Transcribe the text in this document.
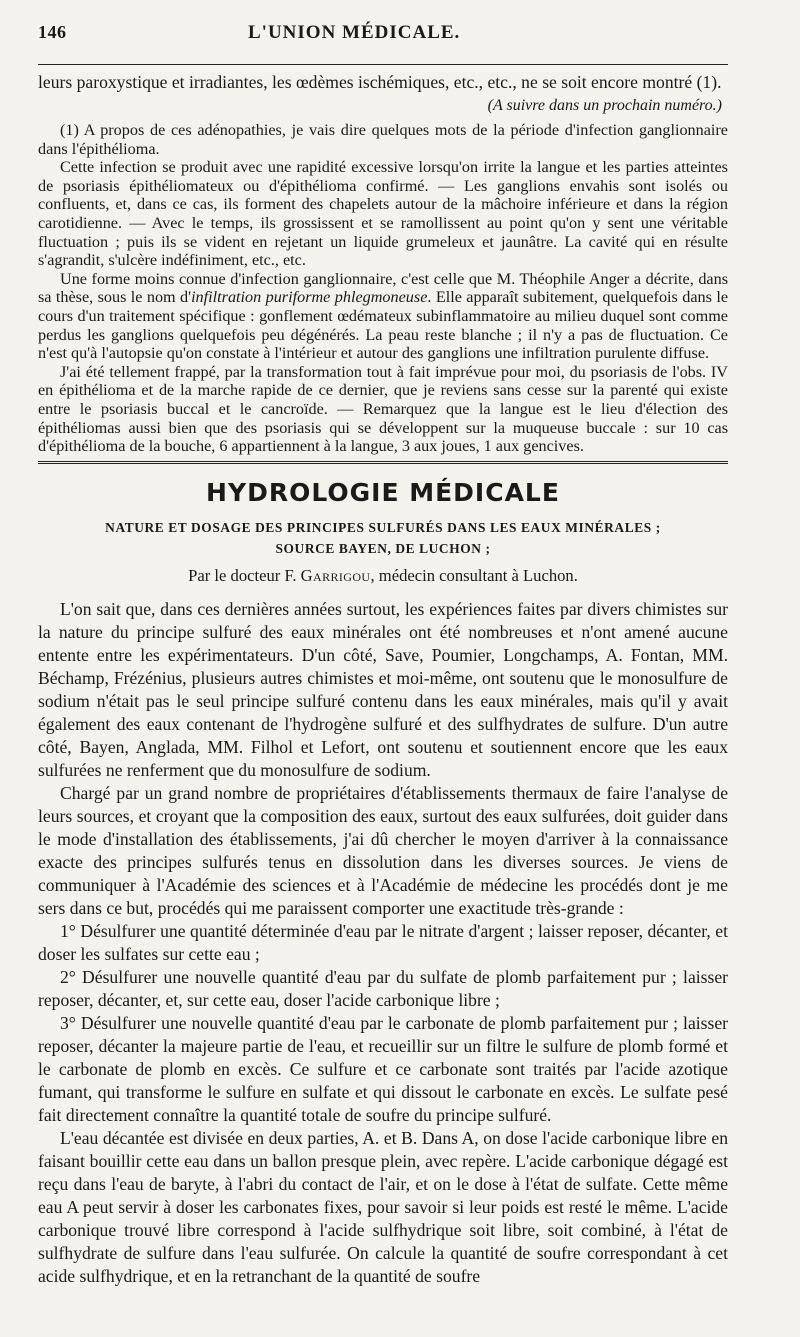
146	L'UNION MÉDICALE.

leurs paroxystique et irradiantes, les œdèmes ischémiques, etc., etc., ne se soit encore montré (1).

(A suivre dans un prochain numéro.)

(1) A propos de ces adénopathies, je vais dire quelques mots de la période d'infection ganglionnaire dans l'épithélioma.

Cette infection se produit avec une rapidité excessive lorsqu'on irrite la langue et les parties atteintes de psoriasis épithéliomateux ou d'épithélioma confirmé. — Les ganglions envahis sont isolés ou confluents, et, dans ce cas, ils forment des chapelets autour de la mâchoire inférieure et dans la région carotidienne. — Avec le temps, ils grossissent et se ramollissent au point qu'on y sent une véritable fluctuation ; puis ils se vident en rejetant un liquide grumeleux et jaunâtre. La cavité qui en résulte s'agrandit, s'ulcère indéfiniment, etc., etc.

Une forme moins connue d'infection ganglionnaire, c'est celle que M. Théophile Anger a décrite, dans sa thèse, sous le nom d'infiltration puriforme phlegmoneuse. Elle apparaît subitement, quelquefois dans le cours d'un traitement spécifique : gonflement œdémateux subinflammatoire au milieu duquel sont comme perdus les ganglions quelquefois peu dégénérés. La peau reste blanche ; il n'y a pas de fluctuation. Ce n'est qu'à l'autopsie qu'on constate à l'intérieur et autour des ganglions une infiltration purulente diffuse.

J'ai été tellement frappé, par la transformation tout à fait imprévue pour moi, du psoriasis de l'obs. IV en épithélioma et de la marche rapide de ce dernier, que je reviens sans cesse sur la parenté qui existe entre le psoriasis buccal et le cancroïde. — Remarquez que la langue est le lieu d'élection des épithéliomas aussi bien que des psoriasis qui se développent sur la muqueuse buccale : sur 10 cas d'épithélioma de la bouche, 6 appartiennent à la langue, 3 aux joues, 1 aux gencives.

HYDROLOGIE MÉDICALE
NATURE ET DOSAGE DES PRINCIPES SULFURÉS DANS LES EAUX MINÉRALES ;
SOURCE BAYEN, DE LUCHON ;
Par le docteur F. Garrigou, médecin consultant à Luchon.

L'on sait que, dans ces dernières années surtout, les expériences faites par divers chimistes sur la nature du principe sulfuré des eaux minérales ont été nombreuses et n'ont amené aucune entente entre les expérimentateurs. D'un côté, Save, Poumier, Longchamps, A. Fontan, MM. Béchamp, Frézénius, plusieurs autres chimistes et moi-même, ont soutenu que le monosulfure de sodium n'était pas le seul principe sulfuré contenu dans les eaux minérales, mais qu'il y avait également des eaux contenant de l'hydrogène sulfuré et des sulfhydrates de sulfure. D'un autre côté, Bayen, Anglada, MM. Filhol et Lefort, ont soutenu et soutiennent encore que les eaux sulfurées ne renferment que du monosulfure de sodium.

Chargé par un grand nombre de propriétaires d'établissements thermaux de faire l'analyse de leurs sources, et croyant que la composition des eaux, surtout des eaux sulfurées, doit guider dans le mode d'installation des établissements, j'ai dû chercher le moyen d'arriver à la connaissance exacte des principes sulfurés tenus en dissolution dans les diverses sources. Je viens de communiquer à l'Académie des sciences et à l'Académie de médecine les procédés dont je me sers dans ce but, procédés qui me paraissent comporter une exactitude très-grande :

1° Désulfurer une quantité déterminée d'eau par le nitrate d'argent ; laisser reposer, décanter, et doser les sulfates sur cette eau ;

2° Désulfurer une nouvelle quantité d'eau par du sulfate de plomb parfaitement pur ; laisser reposer, décanter, et, sur cette eau, doser l'acide carbonique libre ;

3° Désulfurer une nouvelle quantité d'eau par le carbonate de plomb parfaitement pur ; laisser reposer, décanter la majeure partie de l'eau, et recueillir sur un filtre le sulfure de plomb formé et le carbonate de plomb en excès. Ce sulfure et ce carbonate sont traités par l'acide azotique fumant, qui transforme le sulfure en sulfate et qui dissout le carbonate en excès. Le sulfate pesé fait directement connaître la quantité totale de soufre du principe sulfuré.

L'eau décantée est divisée en deux parties, A. et B. Dans A, on dose l'acide carbonique libre en faisant bouillir cette eau dans un ballon presque plein, avec repère. L'acide carbonique dégagé est reçu dans l'eau de baryte, à l'abri du contact de l'air, et on le dose à l'état de sulfate. Cette même eau A peut servir à doser les carbonates fixes, pour savoir si leur poids est resté le même. L'acide carbonique trouvé libre correspond à l'acide sulfhydrique soit libre, soit combiné, à l'état de sulfhydrate de sulfure dans l'eau sulfurée. On calcule la quantité de soufre correspondant à cet acide sulfhydrique, et en la retranchant de la quantité de soufre
